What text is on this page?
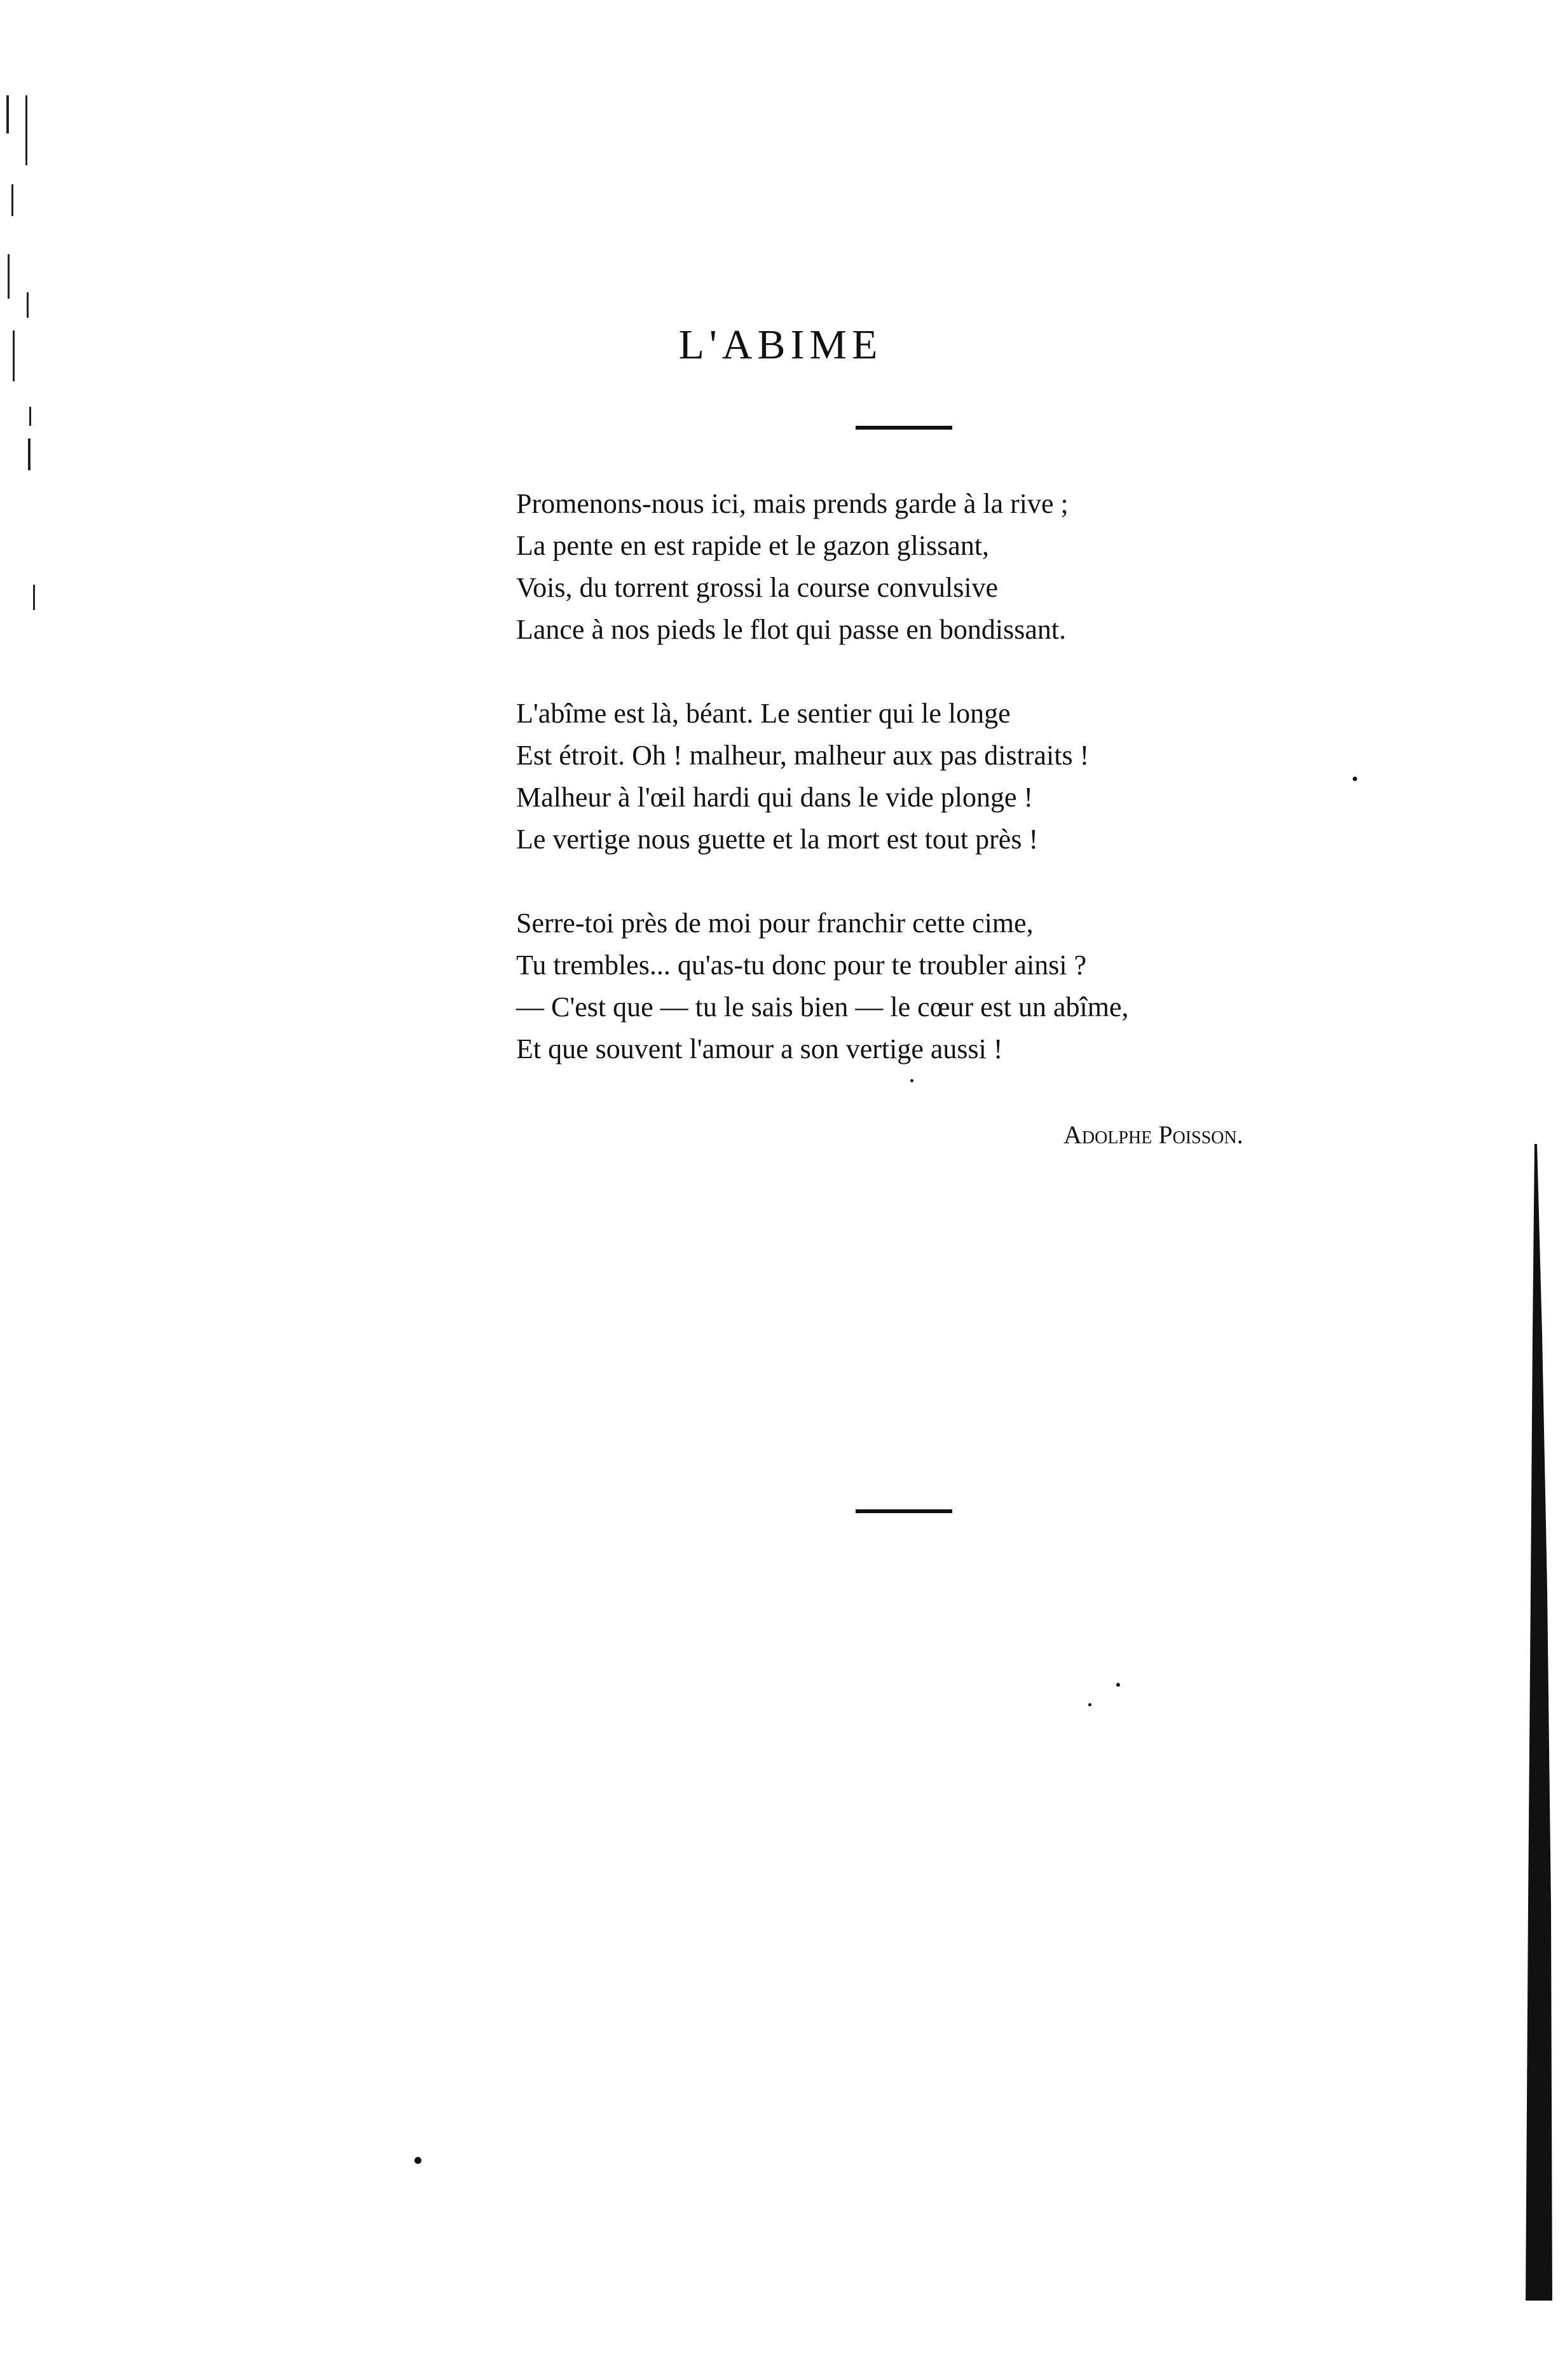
L'ABIME
Promenons-nous ici, mais prends garde à la rive ;
La pente en est rapide et le gazon glissant,
Vois, du torrent grossi la course convulsive
Lance à nos pieds le flot qui passe en bondissant.
L'abîme est là, béant. Le sentier qui le longe
Est étroit. Oh ! malheur, malheur aux pas distraits !
Malheur à l'œil hardi qui dans le vide plonge !
Le vertige nous guette et la mort est tout près !
Serre-toi près de moi pour franchir cette cime,
Tu trembles... qu'as-tu donc pour te troubler ainsi ?
— C'est que — tu le sais bien — le cœur est un abîme,
Et que souvent l'amour a son vertige aussi !
Adolphe Poisson.
